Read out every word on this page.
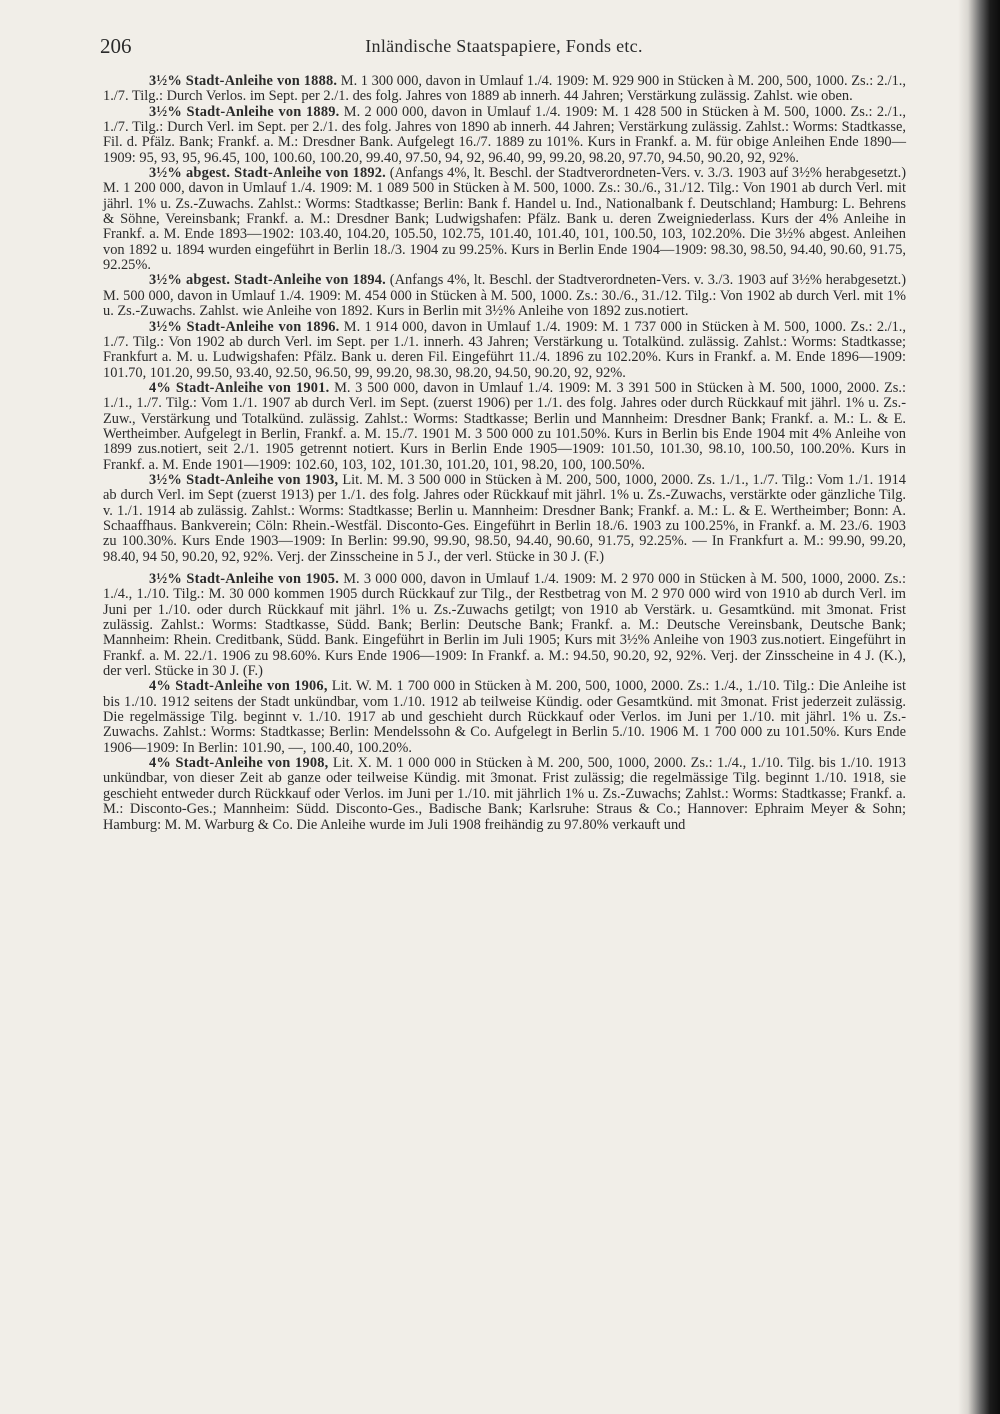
206	Inländische Staatspapiere, Fonds etc.

3½% Stadt-Anleihe von 1888. M. 1 300 000, davon in Umlauf 1./4. 1909: M. 929 900 in Stücken à M. 200, 500, 1000. Zs.: 2./1., 1./7. Tilg.: Durch Verlos. im Sept. per 2./1. des folg. Jahres von 1889 ab innerh. 44 Jahren; Verstärkung zulässig. Zahlst. wie oben.

3½% Stadt-Anleihe von 1889. M. 2 000 000, davon in Umlauf 1./4. 1909: M. 1 428 500 in Stücken à M. 500, 1000. Zs.: 2./1., 1./7. Tilg.: Durch Verl. im Sept. per 2./1. des folg. Jahres von 1890 ab innerh. 44 Jahren; Verstärkung zulässig. Zahlst.: Worms: Stadtkasse, Fil. d. Pfälz. Bank; Frankf. a. M.: Dresdner Bank. Aufgelegt 16./7. 1889 zu 101%. Kurs in Frankf. a. M. für obige Anleihen Ende 1890—1909: 95, 93, 95, 96.45, 100, 100.60, 100.20, 99.40, 97.50, 94, 92, 96.40, 99, 99.20, 98.20, 97.70, 94.50, 90.20, 92, 92%.

3½% abgest. Stadt-Anleihe von 1892. (Anfangs 4%, lt. Beschl. der Stadtverordneten-Vers. v. 3./3. 1903 auf 3½% herabgesetzt.) M. 1 200 000, davon in Umlauf 1./4. 1909: M. 1 089 500 in Stücken à M. 500, 1000. Zs.: 30./6., 31./12. Tilg.: Von 1901 ab durch Verl. mit jährl. 1% u. Zs.-Zuwachs. Zahlst.: Worms: Stadtkasse; Berlin: Bank f. Handel u. Ind., Nationalbank f. Deutschland; Hamburg: L. Behrens & Söhne, Vereinsbank; Frankf. a. M.: Dresdner Bank; Ludwigshafen: Pfälz. Bank u. deren Zweigniederlass. Kurs der 4% Anleihe in Frankf. a. M. Ende 1893—1902: 103.40, 104.20, 105.50, 102.75, 101.40, 101.40, 101, 100.50, 103, 102.20%. Die 3½% abgest. Anleihen von 1892 u. 1894 wurden eingeführt in Berlin 18./3. 1904 zu 99.25%. Kurs in Berlin Ende 1904—1909: 98.30, 98.50, 94.40, 90.60, 91.75, 92.25%.

3½% abgest. Stadt-Anleihe von 1894. (Anfangs 4%, lt. Beschl. der Stadtverordneten-Vers. v. 3./3. 1903 auf 3½% herabgesetzt.) M. 500 000, davon in Umlauf 1./4. 1909: M. 454 000 in Stücken à M. 500, 1000. Zs.: 30./6., 31./12. Tilg.: Von 1902 ab durch Verl. mit 1% u. Zs.-Zuwachs. Zahlst. wie Anleihe von 1892. Kurs in Berlin mit 3½% Anleihe von 1892 zus.notiert.

3½% Stadt-Anleihe von 1896. M. 1 914 000, davon in Umlauf 1./4. 1909: M. 1 737 000 in Stücken à M. 500, 1000. Zs.: 2./1., 1./7. Tilg.: Von 1902 ab durch Verl. im Sept. per 1./1. innerh. 43 Jahren; Verstärkung u. Totalkünd. zulässig. Zahlst.: Worms: Stadtkasse; Frankfurt a. M. u. Ludwigshafen: Pfälz. Bank u. deren Fil. Eingeführt 11./4. 1896 zu 102.20%. Kurs in Frankf. a. M. Ende 1896—1909: 101.70, 101.20, 99.50, 93.40, 92.50, 96.50, 99, 99.20, 98.30, 98.20, 94.50, 90.20, 92, 92%.

4% Stadt-Anleihe von 1901. M. 3 500 000, davon in Umlauf 1./4. 1909: M. 3 391 500 in Stücken à M. 500, 1000, 2000. Zs.: 1./1., 1./7. Tilg.: Vom 1./1. 1907 ab durch Verl. im Sept. (zuerst 1906) per 1./1. des folg. Jahres oder durch Rückkauf mit jährl. 1% u. Zs.-Zuw., Verstärkung und Totalkünd. zulässig. Zahlst.: Worms: Stadtkasse; Berlin und Mannheim: Dresdner Bank; Frankf. a. M.: L. & E. Wertheimber. Aufgelegt in Berlin, Frankf. a. M. 15./7. 1901 M. 3 500 000 zu 101.50%. Kurs in Berlin bis Ende 1904 mit 4% Anleihe von 1899 zus.notiert, seit 2./1. 1905 getrennt notiert. Kurs in Berlin Ende 1905—1909: 101.50, 101.30, 98.10, 100.50, 100.20%. Kurs in Frankf. a. M. Ende 1901—1909: 102.60, 103, 102, 101.30, 101.20, 101, 98.20, 100, 100.50%.

3½% Stadt-Anleihe von 1903, Lit. M. M. 3 500 000 in Stücken à M. 200, 500, 1000, 2000. Zs. 1./1., 1./7. Tilg.: Vom 1./1. 1914 ab durch Verl. im Sept (zuerst 1913) per 1./1. des folg. Jahres oder Rückkauf mit jährl. 1% u. Zs.-Zuwachs, verstärkte oder gänzliche Tilg. v. 1./1. 1914 ab zulässig. Zahlst.: Worms: Stadtkasse; Berlin u. Mannheim: Dresdner Bank; Frankf. a. M.: L. & E. Wertheimber; Bonn: A. Schaaffhaus. Bankverein; Cöln: Rhein.-Westfäl. Disconto-Ges. Eingeführt in Berlin 18./6. 1903 zu 100.25%, in Frankf. a. M. 23./6. 1903 zu 100.30%. Kurs Ende 1903—1909: In Berlin: 99.90, 99.90, 98.50, 94.40, 90.60, 91.75, 92.25%. — In Frankfurt a. M.: 99.90, 99.20, 98.40, 94 50, 90.20, 92, 92%. Verj. der Zinsscheine in 5 J., der verl. Stücke in 30 J. (F.)

3½% Stadt-Anleihe von 1905. M. 3 000 000, davon in Umlauf 1./4. 1909: M. 2 970 000 in Stücken à M. 500, 1000, 2000. Zs.: 1./4., 1./10. Tilg.: M. 30 000 kommen 1905 durch Rückkauf zur Tilg., der Restbetrag von M. 2 970 000 wird von 1910 ab durch Verl. im Juni per 1./10. oder durch Rückkauf mit jährl. 1% u. Zs.-Zuwachs getilgt; von 1910 ab Verstärk. u. Gesamtkünd. mit 3monat. Frist zulässig. Zahlst.: Worms: Stadtkasse, Südd. Bank; Berlin: Deutsche Bank; Frankf. a. M.: Deutsche Vereinsbank, Deutsche Bank; Mannheim: Rhein. Creditbank, Südd. Bank. Eingeführt in Berlin im Juli 1905; Kurs mit 3½% Anleihe von 1903 zus.notiert. Eingeführt in Frankf. a. M. 22./1. 1906 zu 98.60%. Kurs Ende 1906—1909: In Frankf. a. M.: 94.50, 90.20, 92, 92%. Verj. der Zinsscheine in 4 J. (K.), der verl. Stücke in 30 J. (F.)

4% Stadt-Anleihe von 1906, Lit. W. M. 1 700 000 in Stücken à M. 200, 500, 1000, 2000. Zs.: 1./4., 1./10. Tilg.: Die Anleihe ist bis 1./10. 1912 seitens der Stadt unkündbar, vom 1./10. 1912 ab teilweise Kündig. oder Gesamtkünd. mit 3monat. Frist jederzeit zulässig. Die regelmässige Tilg. beginnt v. 1./10. 1917 ab und geschieht durch Rückkauf oder Verlos. im Juni per 1./10. mit jährl. 1% u. Zs.-Zuwachs. Zahlst.: Worms: Stadtkasse; Berlin: Mendelssohn & Co. Aufgelegt in Berlin 5./10. 1906 M. 1 700 000 zu 101.50%. Kurs Ende 1906—1909: In Berlin: 101.90, —, 100.40, 100.20%.

4% Stadt-Anleihe von 1908, Lit. X. M. 1 000 000 in Stücken à M. 200, 500, 1000, 2000. Zs.: 1./4., 1./10. Tilg. bis 1./10. 1913 unkündbar, von dieser Zeit ab ganze oder teilweise Kündig. mit 3monat. Frist zulässig; die regelmässige Tilg. beginnt 1./10. 1918, sie geschieht entweder durch Rückkauf oder Verlos. im Juni per 1./10. mit jährlich 1% u. Zs.-Zuwachs; Zahlst.: Worms: Stadtkasse; Frankf. a. M.: Disconto-Ges.; Mannheim: Südd. Disconto-Ges., Badische Bank; Karlsruhe: Straus & Co.; Hannover: Ephraim Meyer & Sohn; Hamburg: M. M. Warburg & Co. Die Anleihe wurde im Juli 1908 freihändig zu 97.80% verkauft und
